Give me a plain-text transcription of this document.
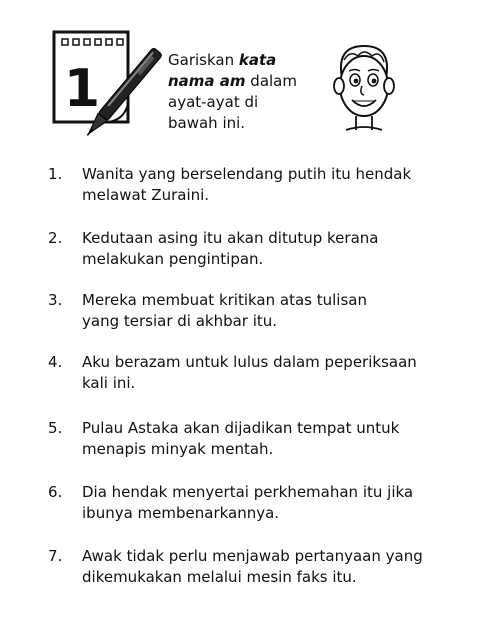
1	Gariskan kata
nama am dalam
ayat-ayat di
bawah ini.
1.	Wanita yang berselendang putih itu hendak
melawat Zuraini.
2.	Kedutaan asing itu akan ditutup kerana
melakukan pengintipan.
3.	Mereka membuat kritikan atas tulisan
yang tersiar di akhbar itu.
4.	Aku berazam untuk lulus dalam peperiksaan
kali ini.
5.	Pulau Astaka akan dijadikan tempat untuk
menapis minyak mentah.
6.	Dia hendak menyertai perkhemahan itu jika
ibunya membenarkannya.
7.	Awak tidak perlu menjawab pertanyaan yang
dikemukakan melalui mesin faks itu.
